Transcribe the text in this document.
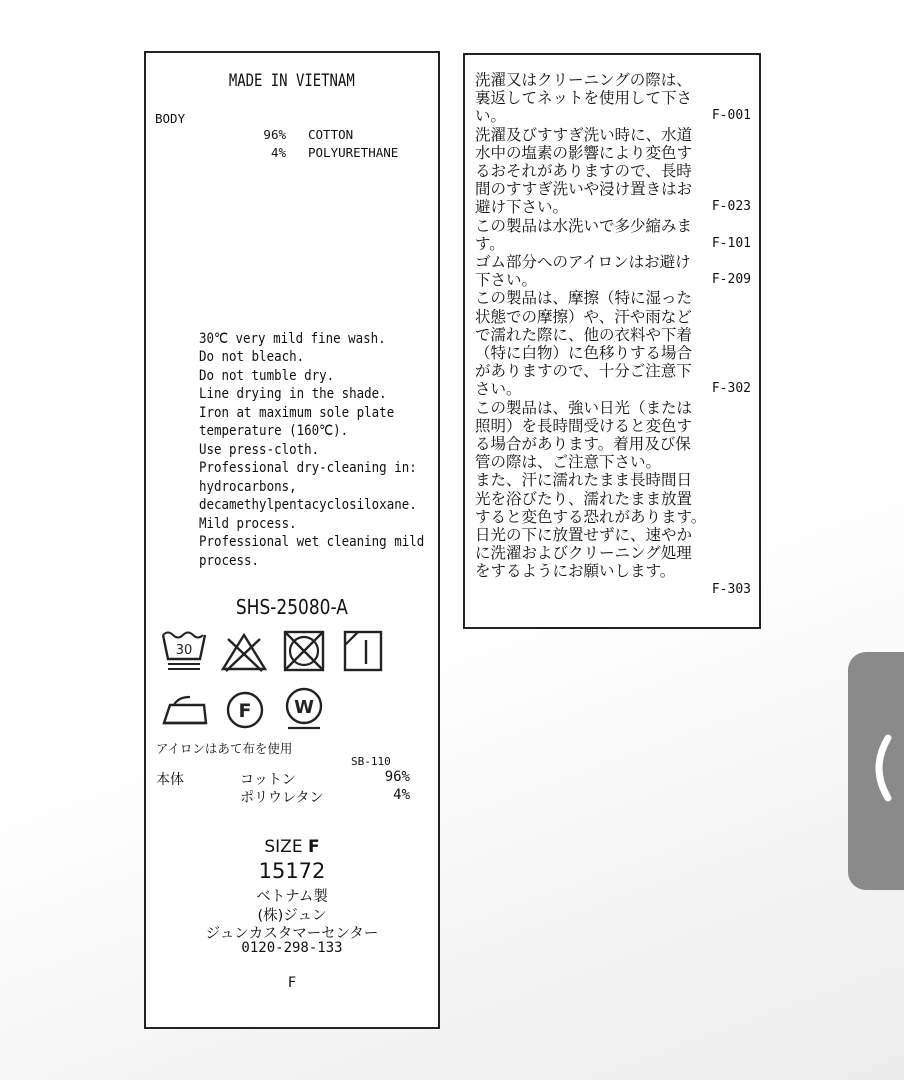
MADE IN VIETNAM
BODY
96% COTTON
4% POLYURETHANE

30℃ very mild fine wash.
Do not bleach.
Do not tumble dry.
Line drying in the shade.
Iron at maximum sole plate
temperature (160℃).
Use press-cloth.
Professional dry-cleaning in:
hydrocarbons,
decamethylpentacyclosiloxane.
Mild process.
Professional wet cleaning mild
process.

SHS-25080-A
30
F W
アイロンはあて布を使用
SB-110
本体	コットン	96%
ポリウレタン	4%
SIZE F
15172
ベトナム製
(株)ジュン
ジュンカスタマーセンター
0120-298-133
F
洗濯又はクリーニングの際は、
裏返してネットを使用して下さ
い。	F-001
洗濯及びすすぎ洗い時に、水道
水中の塩素の影響により変色す
るおそれがありますので、長時
間のすすぎ洗いや浸け置きはお
避け下さい。	F-023
この製品は水洗いで多少縮みま
す。	F-101
ゴム部分へのアイロンはお避け
下さい。	F-209
この製品は、摩擦（特に湿った
状態での摩擦）や、汗や雨など
で濡れた際に、他の衣料や下着
（特に白物）に色移りする場合
がありますので、十分ご注意下
さい。	F-302
この製品は、強い日光（または
照明）を長時間受けると変色す
る場合があります。着用及び保
管の際は、ご注意下さい。
また、汗に濡れたまま長時間日
光を浴びたり、濡れたまま放置
すると変色する恐れがあります。
日光の下に放置せずに、速やか
に洗濯およびクリーニング処理
をするようにお願いします。
F-303
